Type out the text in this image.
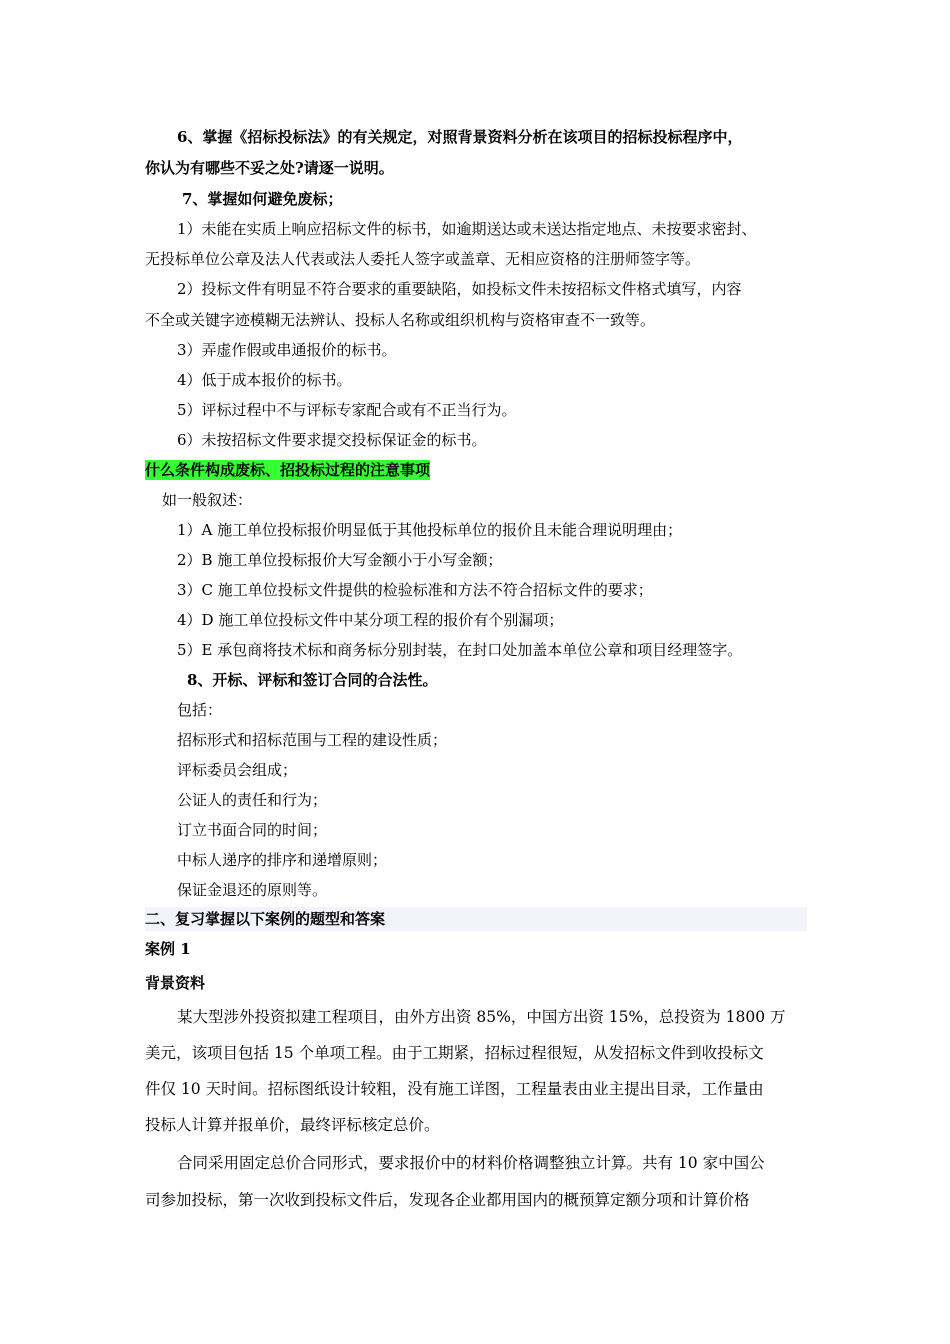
6、掌握《招标投标法》的有关规定，对照背景资料分析在该项目的招标投标程序中，
你认为有哪些不妥之处?请逐一说明。
7、掌握如何避免废标；
1）未能在实质上响应招标文件的标书，如逾期送达或未送达指定地点、未按要求密封、
无投标单位公章及法人代表或法人委托人签字或盖章、无相应资格的注册师签字等。
2）投标文件有明显不符合要求的重要缺陷，如投标文件未按招标文件格式填写，内容
不全或关键字迹模糊无法辨认、投标人名称或组织机构与资格审查不一致等。
3）弄虚作假或串通报价的标书。
4）低于成本报价的标书。
5）评标过程中不与评标专家配合或有不正当行为。
6）未按招标文件要求提交投标保证金的标书。
什么条件构成废标、招投标过程的注意事项
如一般叙述：
1）A 施工单位投标报价明显低于其他投标单位的报价且未能合理说明理由；
2）B 施工单位投标报价大写金额小于小写金额；
3）C 施工单位投标文件提供的检验标准和方法不符合招标文件的要求；
4）D 施工单位投标文件中某分项工程的报价有个别漏项；
5）E 承包商将技术标和商务标分别封装，在封口处加盖本单位公章和项目经理签字。
8、开标、评标和签订合同的合法性。
包括：
招标形式和招标范围与工程的建设性质；
评标委员会组成；
公证人的责任和行为；
订立书面合同的时间；
中标人递序的排序和递增原则；
保证金退还的原则等。
二、复习掌握以下案例的题型和答案
案例 1
背景资料
某大型涉外投资拟建工程项目，由外方出资 85%，中国方出资 15%，总投资为 1800 万
美元，该项目包括 15 个单项工程。由于工期紧，招标过程很短，从发招标文件到收投标文
件仅 10 天时间。招标图纸设计较粗，没有施工详图，工程量表由业主提出目录，工作量由
投标人计算并报单价，最终评标核定总价。
合同采用固定总价合同形式，要求报价中的材料价格调整独立计算。共有 10 家中国公
司参加投标，第一次收到投标文件后，发现各企业都用国内的概预算定额分项和计算价格
